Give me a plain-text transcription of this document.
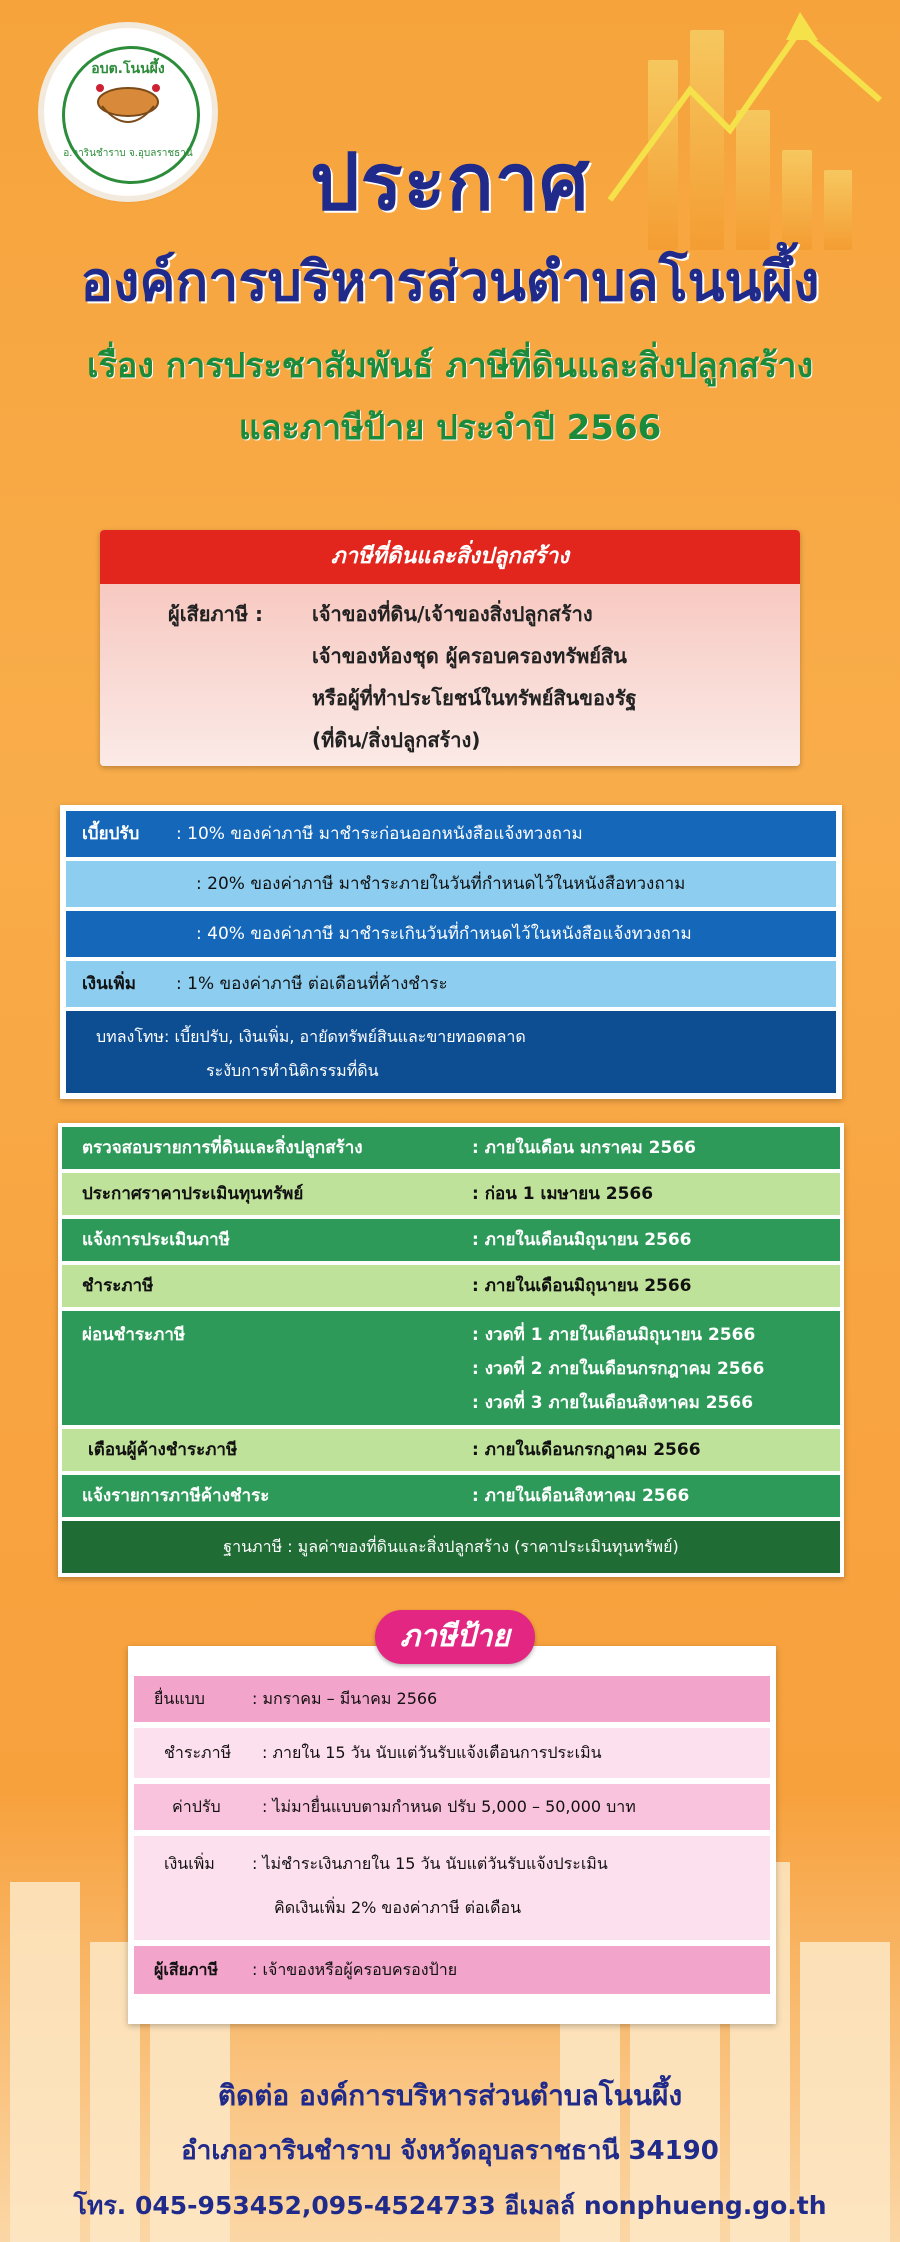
อบต.โนนผึ้ง
อ.วารินชำราบ จ.อุบลราชธานี	ประกาศ
องค์การบริหารส่วนตำบลโนนผึ้ง
เรื่อง การประชาสัมพันธ์ ภาษีที่ดินและสิ่งปลูกสร้าง
และภาษีป้าย ประจำปี 2566
ภาษีที่ดินและสิ่งปลูกสร้าง
ผู้เสียภาษี : เจ้าของที่ดิน/เจ้าของสิ่งปลูกสร้าง
เจ้าของห้องชุด ผู้ครอบครองทรัพย์สิน
หรือผู้ที่ทำประโยชน์ในทรัพย์สินของรัฐ
(ที่ดิน/สิ่งปลูกสร้าง)
เบี้ยปรับ : 10% ของค่าภาษี มาชำระก่อนออกหนังสือแจ้งทวงถาม
: 20% ของค่าภาษี มาชำระภายในวันที่กำหนดไว้ในหนังสือทวงถาม
: 40% ของค่าภาษี มาชำระเกินวันที่กำหนดไว้ในหนังสือแจ้งทวงถาม
เงินเพิ่ม : 1% ของค่าภาษี ต่อเดือนที่ค้างชำระ
บทลงโทษ: เบี้ยปรับ, เงินเพิ่ม, อายัดทรัพย์สินและขายทอดตลาด
ระงับการทำนิติกรรมที่ดิน
ตรวจสอบรายการที่ดินและสิ่งปลูกสร้าง	: ภายในเดือน มกราคม 2566
ประกาศราคาประเมินทุนทรัพย์	: ก่อน 1 เมษายน 2566
แจ้งการประเมินภาษี	: ภายในเดือนมิถุนายน 2566
ชำระภาษี	: ภายในเดือนมิถุนายน 2566
ผ่อนชำระภาษี	: งวดที่ 1 ภายในเดือนมิถุนายน 2566
: งวดที่ 2 ภายในเดือนกรกฎาคม 2566
: งวดที่ 3 ภายในเดือนสิงหาคม 2566
เตือนผู้ค้างชำระภาษี	: ภายในเดือนกรกฎาคม 2566
แจ้งรายการภาษีค้างชำระ	: ภายในเดือนสิงหาคม 2566
ฐานภาษี : มูลค่าของที่ดินและสิ่งปลูกสร้าง (ราคาประเมินทุนทรัพย์)
ยื่นแบบ	: มกราคม – มีนาคม 2566
ชำระภาษี : ภายใน 15 วัน นับแต่วันรับแจ้งเตือนการประเมิน
ค่าปรับ	: ไม่มายื่นแบบตามกำหนด ปรับ 5,000 – 50,000 บาท
เงินเพิ่ม : ไม่ชำระเงินภายใน 15 วัน นับแต่วันรับแจ้งประเมิน
คิดเงินเพิ่ม 2% ของค่าภาษี ต่อเดือน
ผู้เสียภาษี : เจ้าของหรือผู้ครอบครองป้าย
ภาษีป้าย
ติดต่อ องค์การบริหารส่วนตำบลโนนผึ้ง
อำเภอวารินชำราบ จังหวัดอุบลราชธานี 34190
โทร. 045-953452,095-4524733 อีเมลล์ nonphueng.go.th
